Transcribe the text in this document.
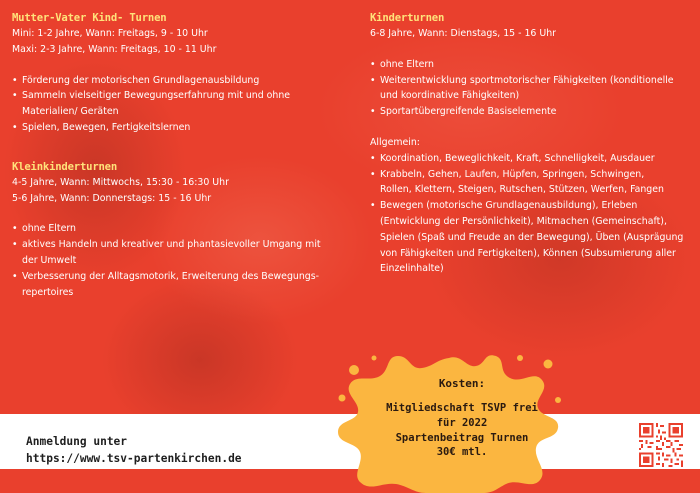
Mutter-Vater Kind- Turnen
Mini: 1-2 Jahre, Wann: Freitags, 9 - 10 Uhr
Maxi: 2-3 Jahre, Wann: Freitags, 10 - 11 Uhr
• Förderung der motorischen Grundlagenausbildung
• Sammeln vielseitiger Bewegungserfahrung mit und ohne
Materialien/ Geräten
• Spielen, Bewegen, Fertigkeitslernen
Kleinkinderturnen
4-5 Jahre, Wann: Mittwochs, 15:30 - 16:30 Uhr
5-6 Jahre, Wann: Donnerstags: 15 - 16 Uhr
• ohne Eltern
• aktives Handeln und kreativer und phantasievoller Umgang mit
der Umwelt
• Verbesserung der Alltagsmotorik, Erweiterung des Bewegungs-
repertoires
Kinderturnen
6-8 Jahre, Wann: Dienstags, 15 - 16 Uhr
• ohne Eltern
• Weiterentwicklung sportmotorischer Fähigkeiten (konditionelle
und koordinative Fähigkeiten)
• Sportartübergreifende Basiselemente
Allgemein:
• Koordination, Beweglichkeit, Kraft, Schnelligkeit, Ausdauer
• Krabbeln, Gehen, Laufen, Hüpfen, Springen, Schwingen,
Rollen, Klettern, Steigen, Rutschen, Stützen, Werfen, Fangen
• Bewegen (motorische Grundlagenausbildung), Erleben
(Entwicklung der Persönlichkeit), Mitmachen (Gemeinschaft),
Spielen (Spaß und Freude an der Bewegung), Üben (Ausprägung
von Fähigkeiten und Fertigkeiten), Können (Subsumierung aller
Einzelinhalte)
Anmeldung unter
https://www.tsv-partenkirchen.de
Kosten:
Mitgliedschaft TSVP frei
für 2022
Spartenbeitrag Turnen
30€ mtl.
